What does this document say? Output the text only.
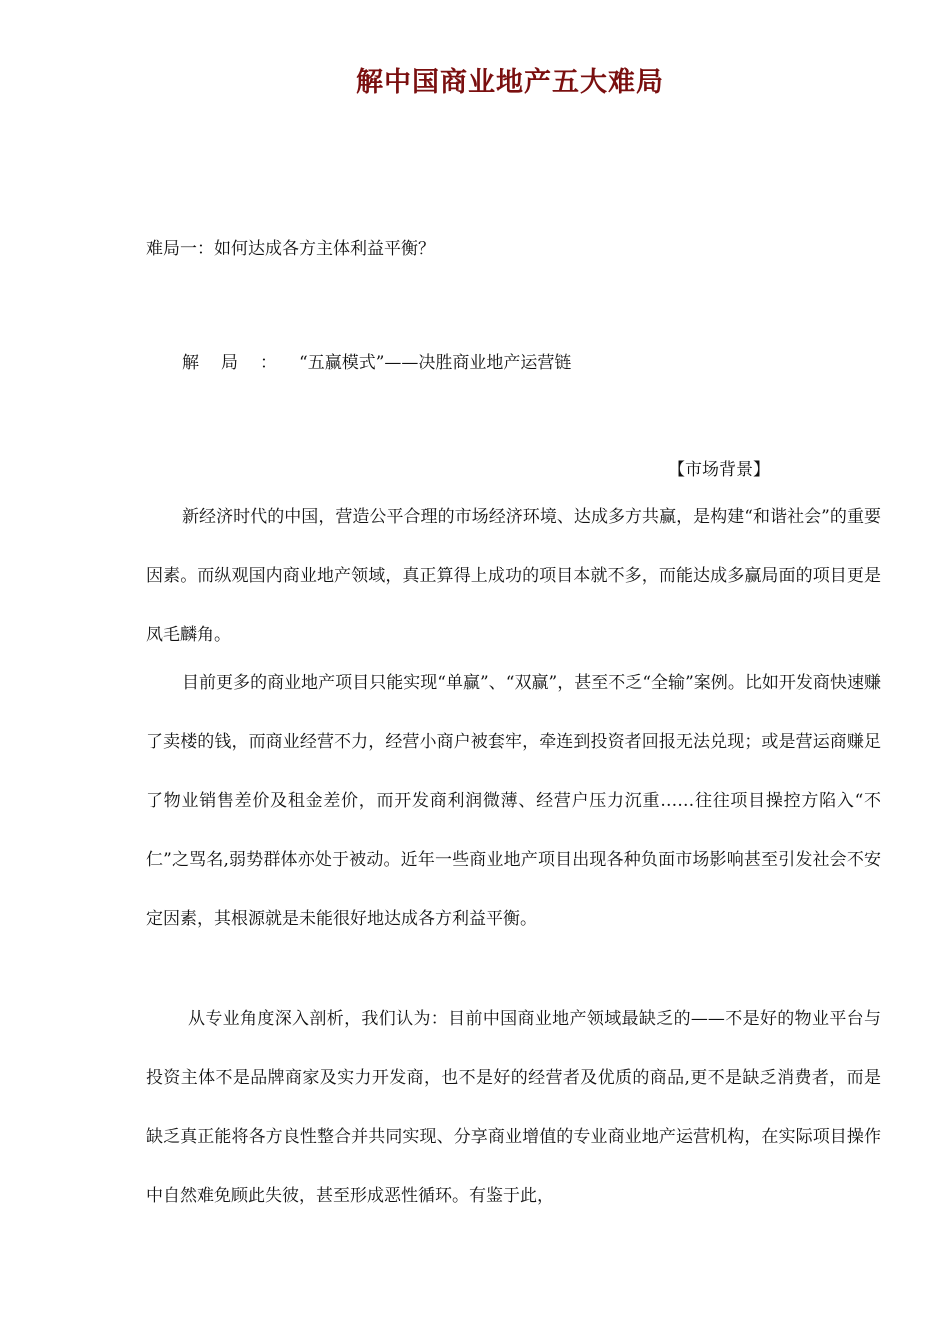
解中国商业地产五大难局
难局一：如何达成各方主体利益平衡？
解局：“五赢模式”——决胜商业地产运营链
【市场背景】

新经济时代的中国，营造公平合理的市场经济环境、达成多方共赢，是构建“和谐社会”的重要因素。而纵观国内商业地产领域，真正算得上成功的项目本就不多，而能达成多赢局面的项目更是凤毛麟角。

目前更多的商业地产项目只能实现“单赢”、“双赢”，甚至不乏“全输”案例。比如开发商快速赚了卖楼的钱，而商业经营不力，经营小商户被套牢，牵连到投资者回报无法兑现；或是营运商赚足了物业销售差价及租金差价，而开发商利润微薄、经营户压力沉重……往往项目操控方陷入“不仁”之骂名,弱势群体亦处于被动。近年一些商业地产项目出现各种负面市场影响甚至引发社会不安定因素，其根源就是未能很好地达成各方利益平衡。

从专业角度深入剖析，我们认为：目前中国商业地产领域最缺乏的——不是好的物业平台与投资主体不是品牌商家及实力开发商，也不是好的经营者及优质的商品,更不是缺乏消费者，而是缺乏真正能将各方良性整合并共同实现、分享商业增值的专业商业地产运营机构，在实际项目操作中自然难免顾此失彼，甚至形成恶性循环。有鉴于此，
